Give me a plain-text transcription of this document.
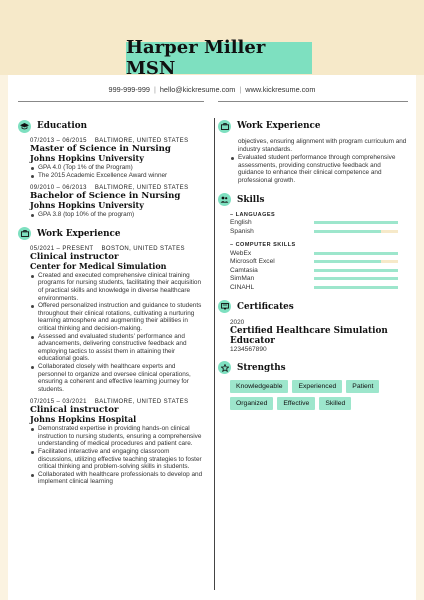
Harper Miller MSN
999-999-999 | hello@kickresume.com | www.kickresume.com
Education
07/2013 – 06/2015 BALTIMORE, UNITED STATES
Master of Science in Nursing
Johns Hopkins University
GPA 4.0 (Top 1% of the Program)
The 2015 Academic Excellence Award winner
09/2010 – 06/2013 BALTIMORE, UNITED STATES
Bachelor of Science in Nursing
Johns Hopkins University
GPA 3.8 (top 10% of the program)
Work Experience
05/2021 – PRESENT BOSTON, UNITED STATES
Clinical instructor
Center for Medical Simulation
Created and executed comprehensive clinical training programs for nursing students, facilitating their acquisition of practical skills and knowledge in diverse healthcare environments.
Offered personalized instruction and guidance to students throughout their clinical rotations, cultivating a nurturing learning atmosphere and augmenting their abilities in critical thinking and decision-making.
Assessed and evaluated students' performance and advancements, delivering constructive feedback and employing tactics to assist them in attaining their educational goals.
Collaborated closely with healthcare experts and personnel to organize and oversee clinical operations, ensuring a coherent and effective learning journey for students.
07/2015 – 03/2021 BALTIMORE, UNITED STATES
Clinical instructor
Johns Hopkins Hospital
Demonstrated expertise in providing hands-on clinical instruction to nursing students, ensuring a comprehensive understanding of medical procedures and patient care.
Facilitated interactive and engaging classroom discussions, utilizing effective teaching strategies to foster critical thinking and problem-solving skills in students.
Collaborated with healthcare professionals to develop and implement clinical learning
Work Experience
objectives, ensuring alignment with program curriculum and industry standards.
Evaluated student performance through comprehensive assessments, providing constructive feedback and guidance to enhance their clinical competence and professional growth.
Skills
– LANGUAGES
English
Spanish
– COMPUTER SKILLS
WebEx
Microsoft Excel
Camtasia
SimMan
CINAHL
Certificates
2020
Certified Healthcare Simulation Educator
1234567890
Strengths
Knowledgeable	Experienced	Patient
Organized	Effective	Skilled
